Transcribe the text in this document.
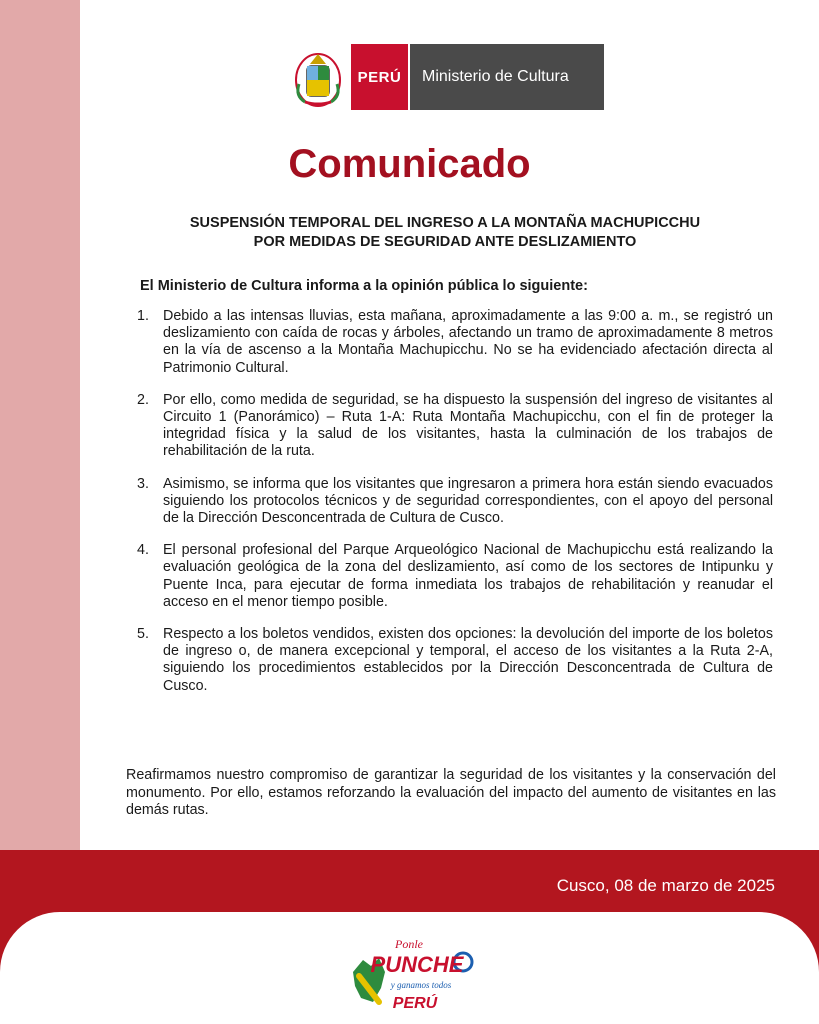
PERÚ	Ministerio de Cultura
Comunicado
SUSPENSIÓN TEMPORAL DEL INGRESO A LA MONTAÑA MACHUPICCHU
POR MEDIDAS DE SEGURIDAD ANTE DESLIZAMIENTO
El Ministerio de Cultura informa a la opinión pública lo siguiente:
1. Debido a las intensas lluvias, esta mañana, aproximadamente a las 9:00 a. m., se registró un deslizamiento con caída de rocas y árboles, afectando un tramo de aproximadamente 8 metros en la vía de ascenso a la Montaña Machupicchu. No se ha evidenciado afectación directa al Patrimonio Cultural.
2. Por ello, como medida de seguridad, se ha dispuesto la suspensión del ingreso de visitantes al Circuito 1 (Panorámico) – Ruta 1-A: Ruta Montaña Machupicchu, con el fin de proteger la integridad física y la salud de los visitantes, hasta la culminación de los trabajos de rehabilitación de la ruta.
3. Asimismo, se informa que los visitantes que ingresaron a primera hora están siendo evacuados siguiendo los protocolos técnicos y de seguridad correspondientes, con el apoyo del personal de la Dirección Desconcentrada de Cultura de Cusco.
4. El personal profesional del Parque Arqueológico Nacional de Machupicchu está realizando la evaluación geológica de la zona del deslizamiento, así como de los sectores de Intipunku y Puente Inca, para ejecutar de forma inmediata los trabajos de rehabilitación y reanudar el acceso en el menor tiempo posible.
5. Respecto a los boletos vendidos, existen dos opciones: la devolución del importe de los boletos de ingreso o, de manera excepcional y temporal, el acceso de los visitantes a la Ruta 2-A, siguiendo los procedimientos establecidos por la Dirección Desconcentrada de Cultura de Cusco.
Reafirmamos nuestro compromiso de garantizar la seguridad de los visitantes y la conservación del monumento. Por ello, estamos reforzando la evaluación del impacto del aumento de visitantes en las demás rutas.
Cusco, 08 de marzo de 2025
Ponle
PUNCHE
y ganamos todos
PERÚ
